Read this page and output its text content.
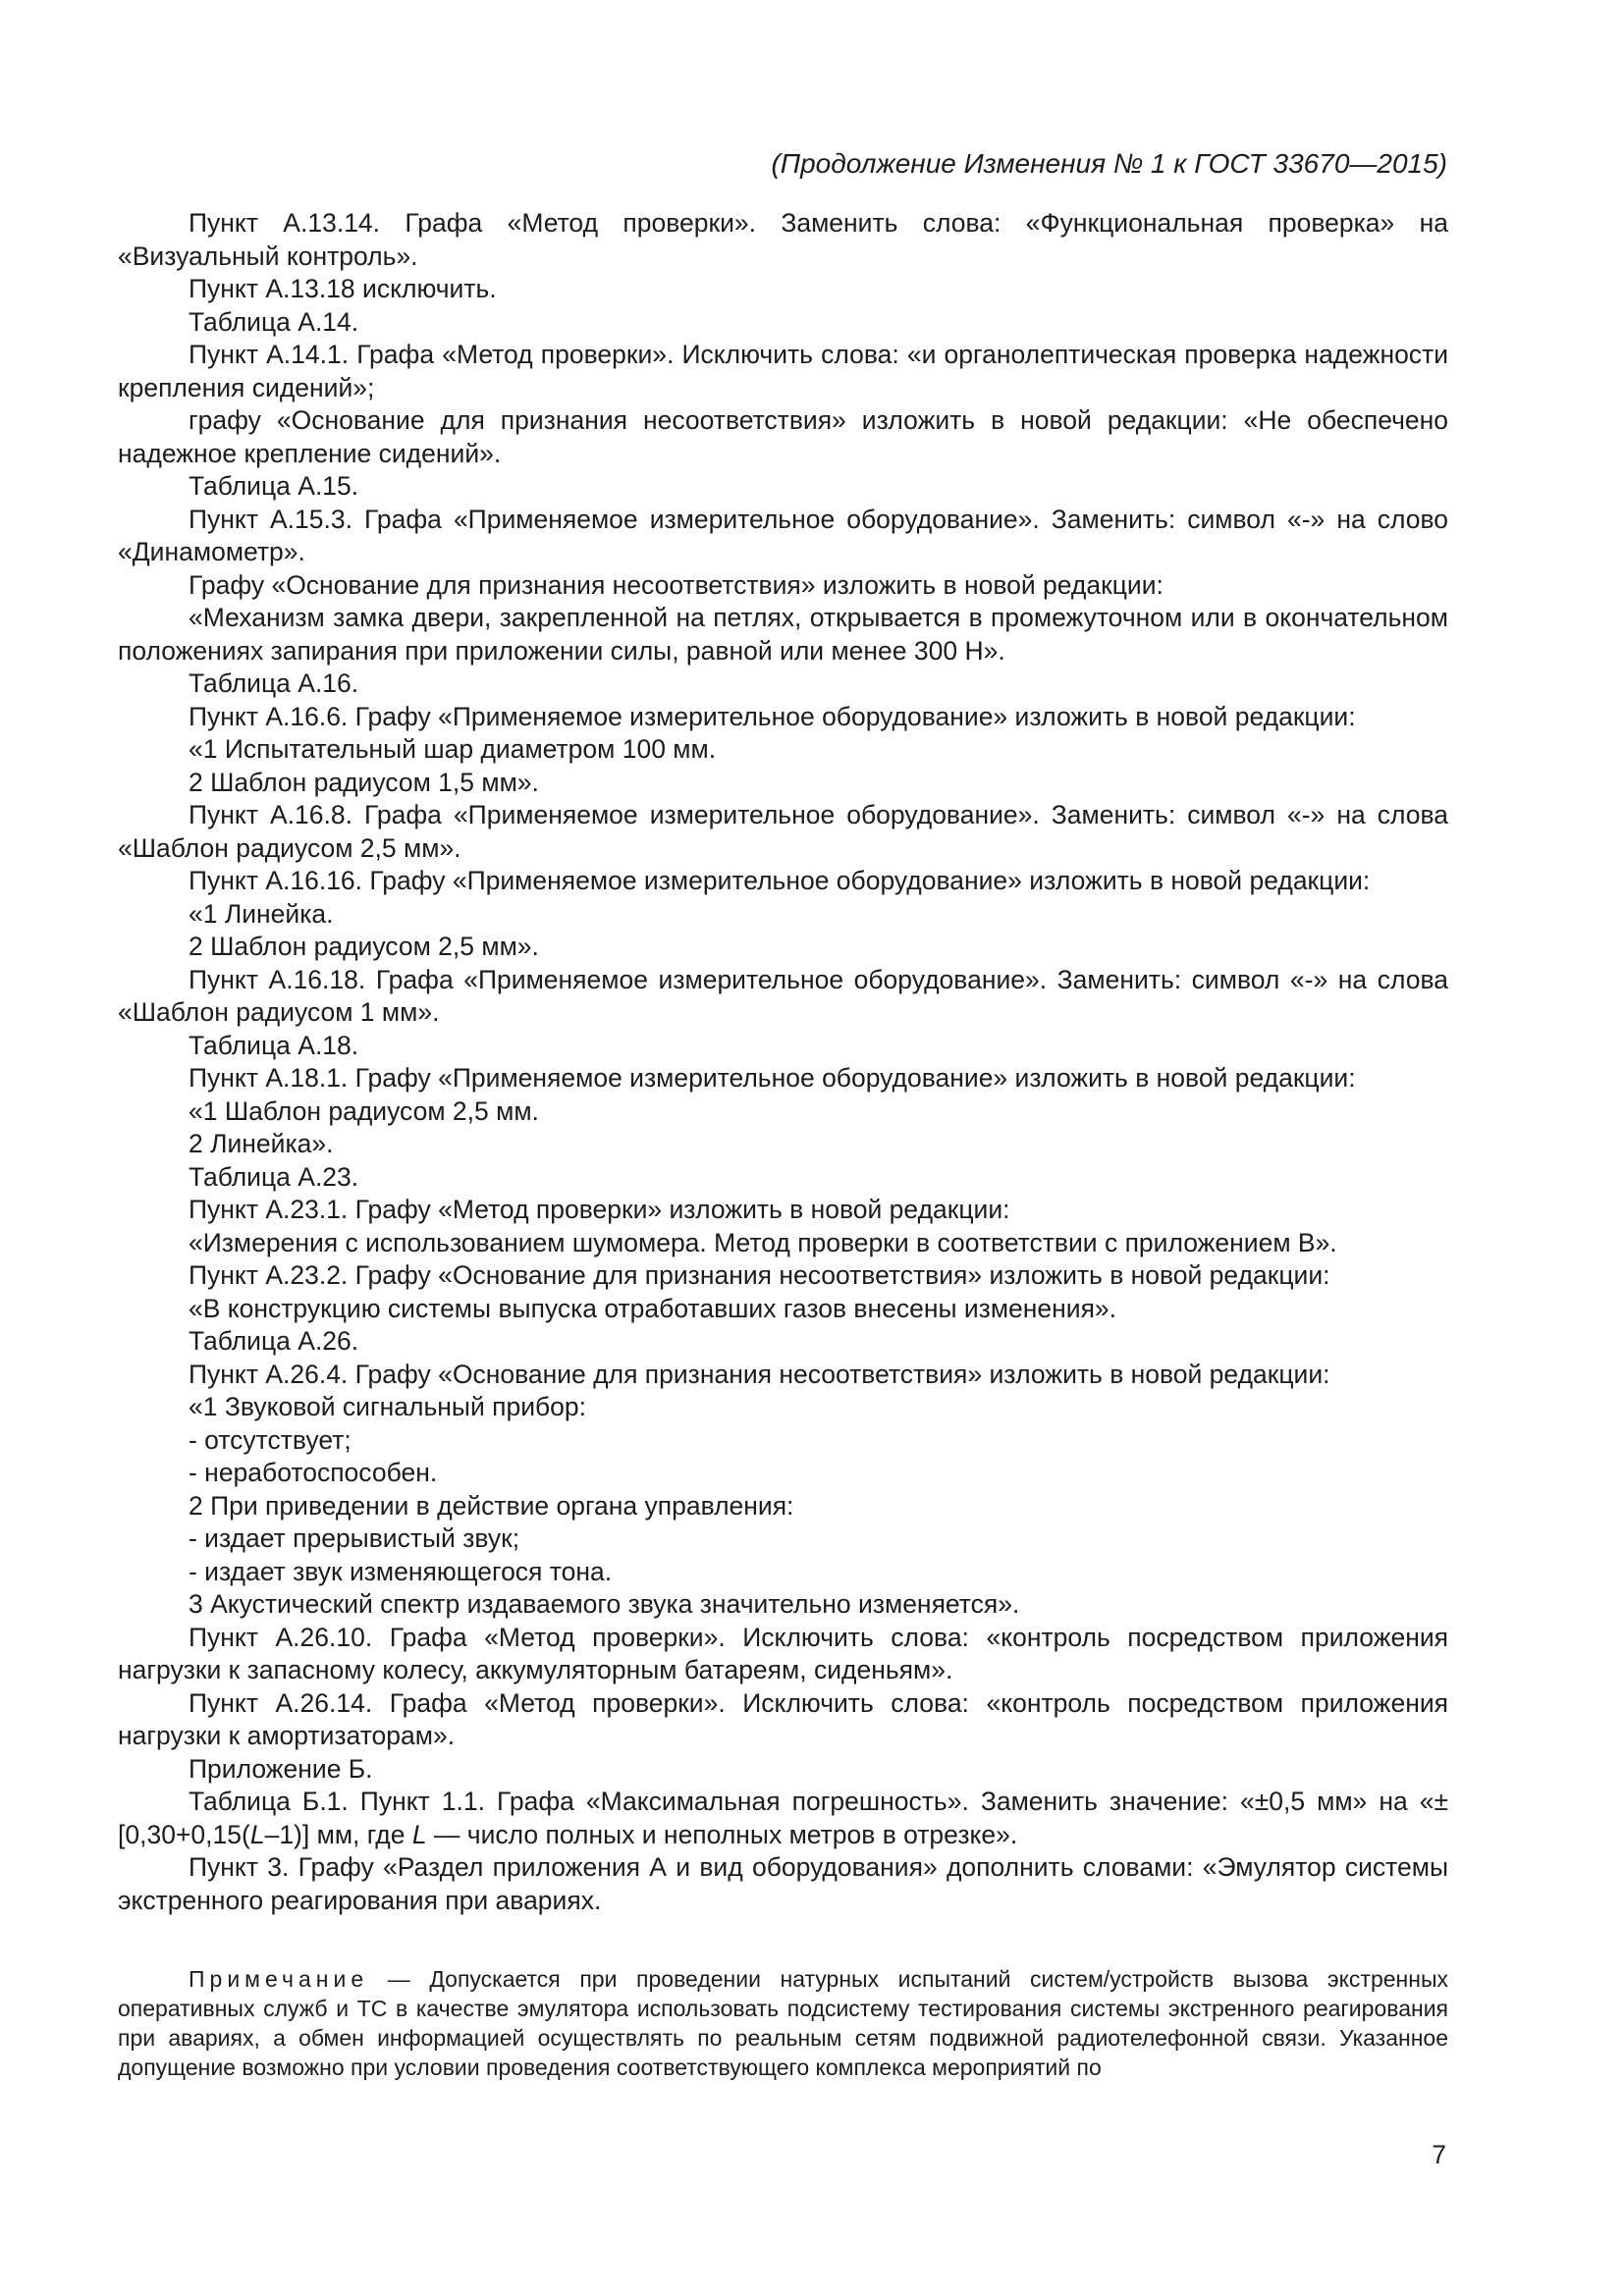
(Продолжение Изменения № 1 к ГОСТ 33670—2015)
Пункт А.13.14. Графа «Метод проверки». Заменить слова: «Функциональная проверка» на «Визуальный контроль».
Пункт А.13.18 исключить.
Таблица А.14.
Пункт А.14.1. Графа «Метод проверки». Исключить слова: «и органолептическая проверка надежности крепления сидений»;
графу «Основание для признания несоответствия» изложить в новой редакции: «Не обеспечено надежное крепление сидений».
Таблица А.15.
Пункт А.15.3. Графа «Применяемое измерительное оборудование». Заменить: символ «-» на слово «Динамометр».
Графу «Основание для признания несоответствия» изложить в новой редакции:
«Механизм замка двери, закрепленной на петлях, открывается в промежуточном или в окончательном положениях запирания при приложении силы, равной или менее 300 Н».
Таблица А.16.
Пункт А.16.6. Графу «Применяемое измерительное оборудование» изложить в новой редакции:
«1 Испытательный шар диаметром 100 мм.
2 Шаблон радиусом 1,5 мм».
Пункт А.16.8. Графа «Применяемое измерительное оборудование». Заменить: символ «-» на слова «Шаблон радиусом 2,5 мм».
Пункт А.16.16. Графу «Применяемое измерительное оборудование» изложить в новой редакции:
«1 Линейка.
2 Шаблон радиусом 2,5 мм».
Пункт А.16.18. Графа «Применяемое измерительное оборудование». Заменить: символ «-» на слова «Шаблон радиусом 1 мм».
Таблица А.18.
Пункт А.18.1. Графу «Применяемое измерительное оборудование» изложить в новой редакции:
«1 Шаблон радиусом 2,5 мм.
2 Линейка».
Таблица А.23.
Пункт А.23.1. Графу «Метод проверки» изложить в новой редакции:
«Измерения с использованием шумомера. Метод проверки в соответствии с приложением В».
Пункт А.23.2. Графу «Основание для признания несоответствия» изложить в новой редакции:
«В конструкцию системы выпуска отработавших газов внесены изменения».
Таблица А.26.
Пункт А.26.4. Графу «Основание для признания несоответствия» изложить в новой редакции:
«1 Звуковой сигнальный прибор:
- отсутствует;
- неработоспособен.
2 При приведении в действие органа управления:
- издает прерывистый звук;
- издает звук изменяющегося тона.
3 Акустический спектр издаваемого звука значительно изменяется».
Пункт А.26.10. Графа «Метод проверки». Исключить слова: «контроль посредством приложения нагрузки к запасному колесу, аккумуляторным батареям, сиденьям».
Пункт А.26.14. Графа «Метод проверки». Исключить слова: «контроль посредством приложения нагрузки к амортизаторам».
Приложение Б.
Таблица Б.1. Пункт 1.1. Графа «Максимальная погрешность». Заменить значение: «±0,5 мм» на «±[0,30+0,15(L–1)] мм, где L — число полных и неполных метров в отрезке».
Пункт 3. Графу «Раздел приложения А и вид оборудования» дополнить словами: «Эмулятор системы экстренного реагирования при авариях.
Примечание — Допускается при проведении натурных испытаний систем/устройств вызова экстренных оперативных служб и ТС в качестве эмулятора использовать подсистему тестирования системы экстренного реагирования при авариях, а обмен информацией осуществлять по реальным сетям подвижной радиотелефонной связи. Указанное допущение возможно при условии проведения соответствующего комплекса мероприятий по
7
